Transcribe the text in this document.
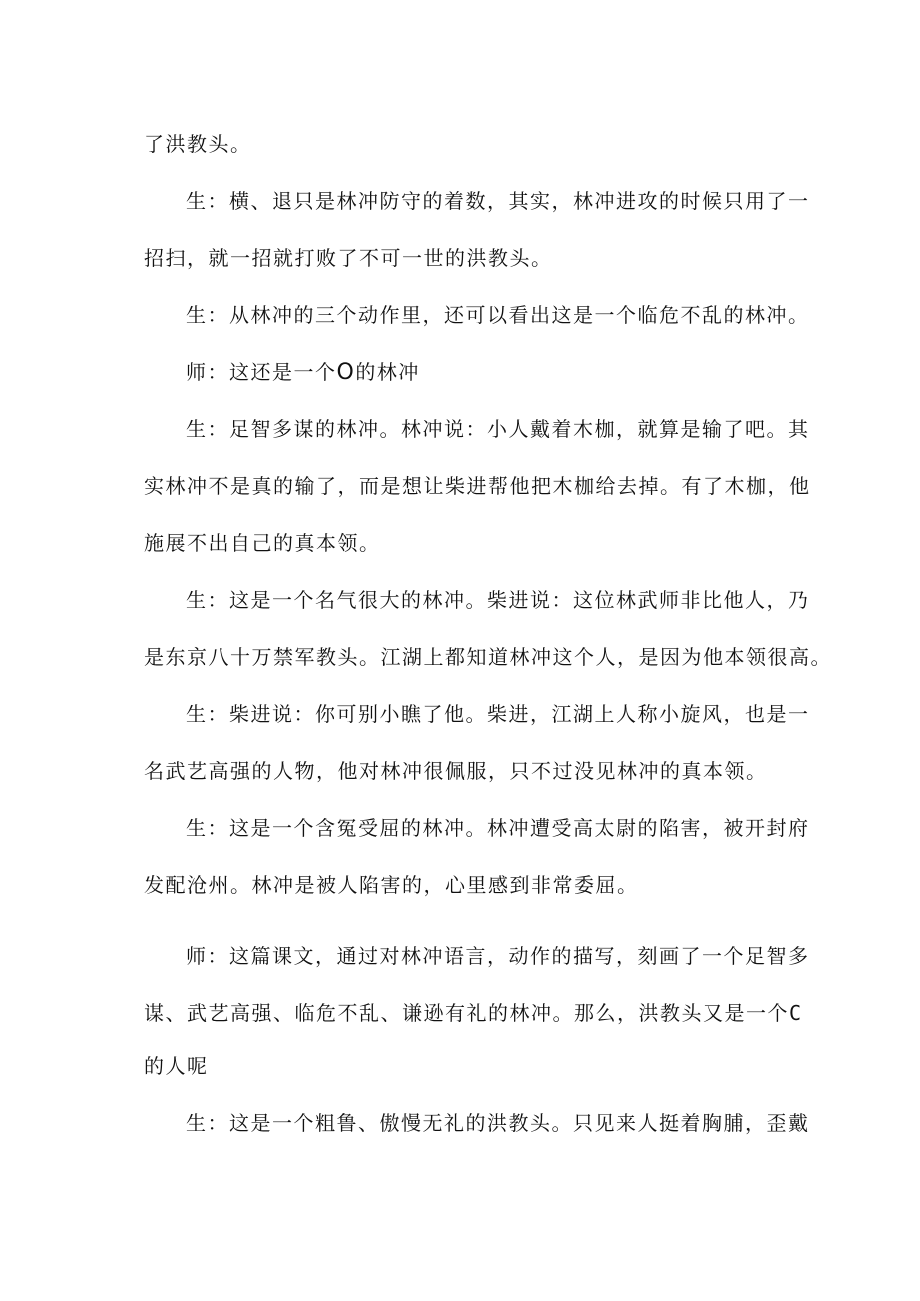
了洪教头。
生：横、退只是林冲防守的着数，其实，林冲进攻的时候只用了一
招扫，就一招就打败了不可一世的洪教头。
生：从林冲的三个动作里，还可以看出这是一个临危不乱的林冲。
师：这还是一个O的林冲
生：足智多谋的林冲。林冲说：小人戴着木枷，就算是输了吧。其
实林冲不是真的输了，而是想让柴进帮他把木枷给去掉。有了木枷，他
施展不出自己的真本领。
生：这是一个名气很大的林冲。柴进说：这位林武师非比他人，乃
是东京八十万禁军教头。江湖上都知道林冲这个人，是因为他本领很高。
生：柴进说：你可别小瞧了他。柴进，江湖上人称小旋风，也是一
名武艺高强的人物，他对林冲很佩服，只不过没见林冲的真本领。
生：这是一个含冤受屈的林冲。林冲遭受高太尉的陷害，被开封府
发配沧州。林冲是被人陷害的，心里感到非常委屈。
师：这篇课文，通过对林冲语言，动作的描写，刻画了一个足智多
谋、武艺高强、临危不乱、谦逊有礼的林冲。那么，洪教头又是一个C
的人呢
生：这是一个粗鲁、傲慢无礼的洪教头。只见来人挺着胸脯，歪戴
